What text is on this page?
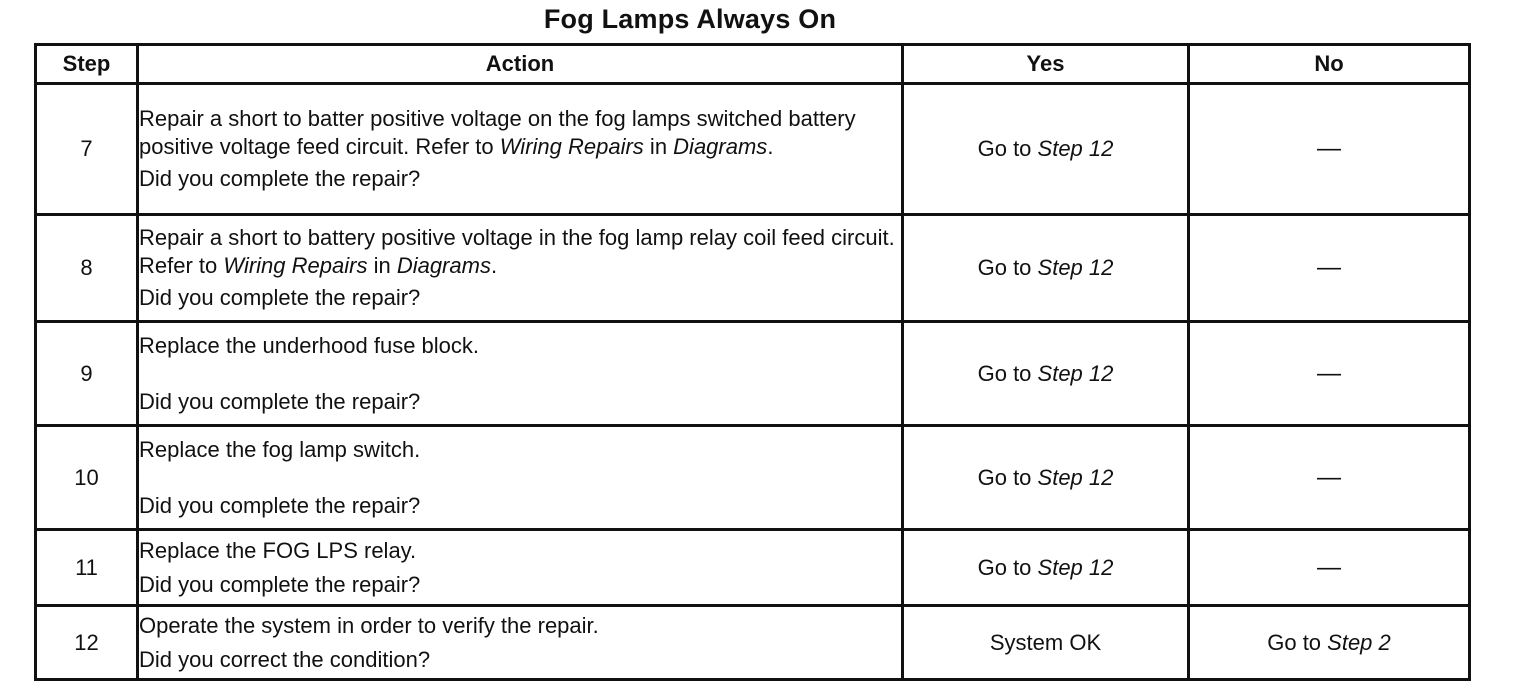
Fog Lamps Always On
Step	Action	Yes	No
7	Repair a short to batter positive voltage on the fog lamps switched battery positive voltage feed circuit. Refer to Wiring Repairs in Diagrams.
Did you complete the repair?	Go to Step 12	—
8	Repair a short to battery positive voltage in the fog lamp relay coil feed circuit. Refer to Wiring Repairs in Diagrams.
Did you complete the repair?	Go to Step 12	—
9	Replace the underhood fuse block.
Did you complete the repair?	Go to Step 12	—
10	Replace the fog lamp switch.
Did you complete the repair?	Go to Step 12	—
11	Replace the FOG LPS relay.
Did you complete the repair?	Go to Step 12	—
12	Operate the system in order to verify the repair.
Did you correct the condition?	System OK	Go to Step 2
